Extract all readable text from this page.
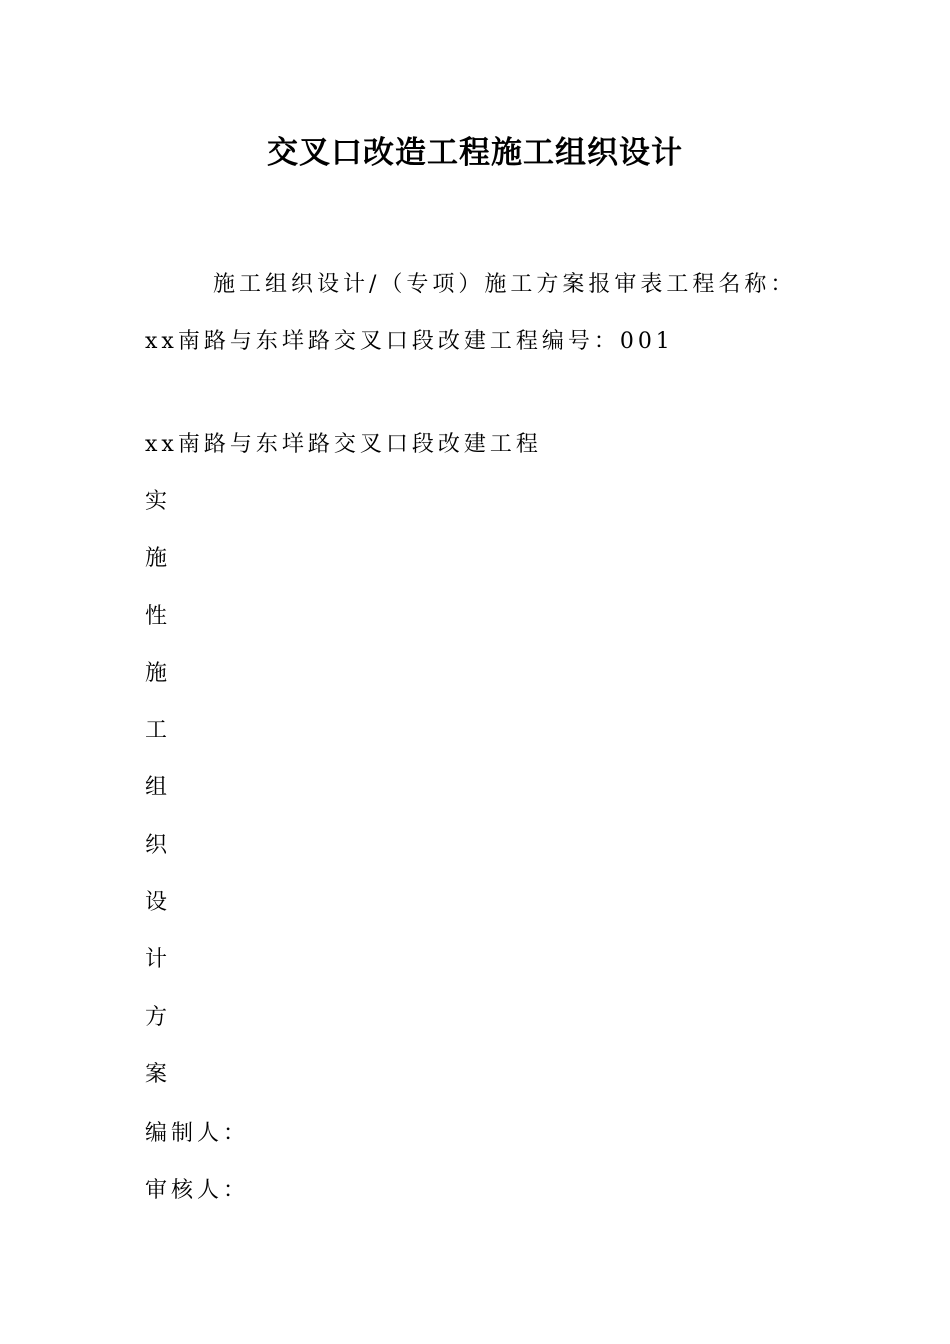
交叉口改造工程施工组织设计
施工组织设计/（专项）施工方案报审表工程名称：
xx南路与东垟路交叉口段改建工程编号：001
xx南路与东垟路交叉口段改建工程
实
施
性
施
工
组
织
设
计
方
案
编制人：
审核人：
